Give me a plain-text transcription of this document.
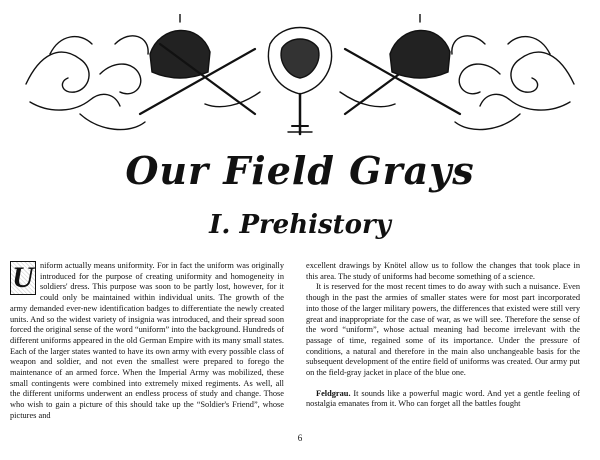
Our Field Grays
I. Prehistory
U niform actually means uniformity. For in fact the uniform was originally introduced for the purpose of creating uniformity and homogeneity in soldiers' dress. This purpose was soon to be partly lost, however, for it could only be maintained within individual units. The growth of the army demanded ever-new identification badges to differentiate the newly created units. And so the widest variety of insignia was introduced, and their spread soon forced the original sense of the word “uniform” into the background. Hundreds of different uniforms appeared in the old German Empire with its many small states. Each of the larger states wanted to have its own army with every possible class of weapon and soldier, and not even the smallest were prepared to forego the maintenance of an armed force. When the Imperial Army was mobilized, these small contingents were combined into extremely mixed regiments. As well, all the different uniforms underwent an endless process of study and change. Those who wish to gain a picture of this should take up the “Soldier's Friend”, whose pictures and

excellent drawings by Knötel allow us to follow the changes that took place in this area. The study of uniforms had become something of a science.

It is reserved for the most recent times to do away with such a nuisance. Even though in the past the armies of smaller states were for most part incorporated into those of the larger military powers, the differences that existed were still very great and inappropriate for the case of war, as we will see. Therefore the sense of the word “uniform”, whose actual meaning had become irrelevant with the passage of time, regained some of its importance. Under the pressure of conditions, a natural and therefore in the main also unchangeable basis for the subsequent development of the entire field of uniforms was created. Our army put on the field-gray jacket in place of the blue one.

Feldgrau. It sounds like a powerful magic word. And yet a gentle feeling of nostalgia emanates from it. Who can forget all the battles fought

6
